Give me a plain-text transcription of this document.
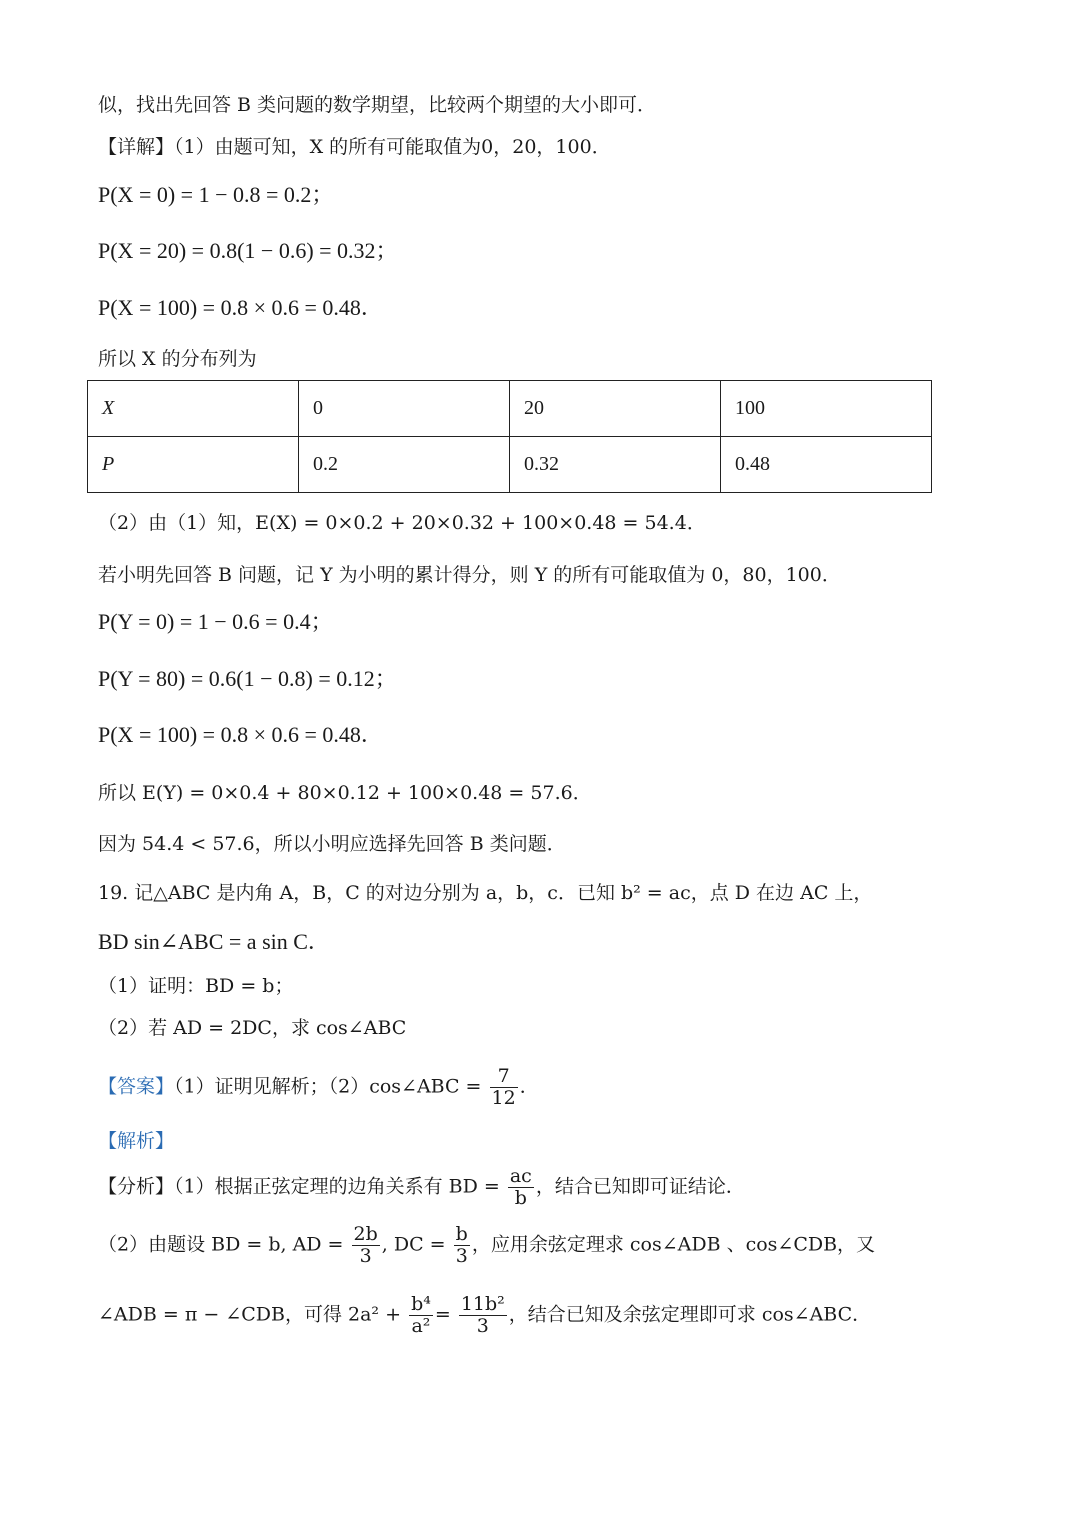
似，找出先回答 B 类问题的数学期望，比较两个期望的大小即可．
【详解】（1）由题可知，X 的所有可能取值为0，20，100．
P(X = 0) = 1 − 0.8 = 0.2；
P(X = 20) = 0.8(1 − 0.6) = 0.32；
P(X = 100) = 0.8 × 0.6 = 0.48．
所以 X 的分布列为
X	0	20	100
P	0.2	0.32	0.48
（2）由（1）知，E(X) = 0×0.2 + 20×0.32 + 100×0.48 = 54.4．
若小明先回答 B 问题，记 Y 为小明的累计得分，则 Y 的所有可能取值为 0，80，100．
P(Y = 0) = 1 − 0.6 = 0.4；
P(Y = 80) = 0.6(1 − 0.8) = 0.12；
P(X = 100) = 0.8 × 0.6 = 0.48．
所以 E(Y) = 0×0.4 + 80×0.12 + 100×0.48 = 57.6．
因为 54.4 < 57.6，所以小明应选择先回答 B 类问题．
19. 记△ABC 是内角 A，B，C 的对边分别为 a，b，c．已知 b² = ac，点 D 在边 AC 上，
BD sin∠ABC = a sin C．
（1）证明：BD = b；
（2）若 AD = 2DC，求 cos∠ABC
【答案】（1）证明见解析；（2）cos∠ABC = $\frac{7}{12}$ ．
【解析】
【分析】（1）根据正弦定理的边角关系有 BD = $\frac{ac}{b}$ ，结合已知即可证结论．
（2）由题设 BD = b, AD = $\frac{2b}{3}$ , DC = $\frac{b}{3}$ ，应用余弦定理求 cos∠ADB 、cos∠CDB，又
∠ADB = π − ∠CDB，可得 $2a^2 + \frac{\text{b⁴}}{\text{a²}} = \frac{\text{11b²}}{3}$ ，结合已知及余弦定理即可求 cos∠ABC．
